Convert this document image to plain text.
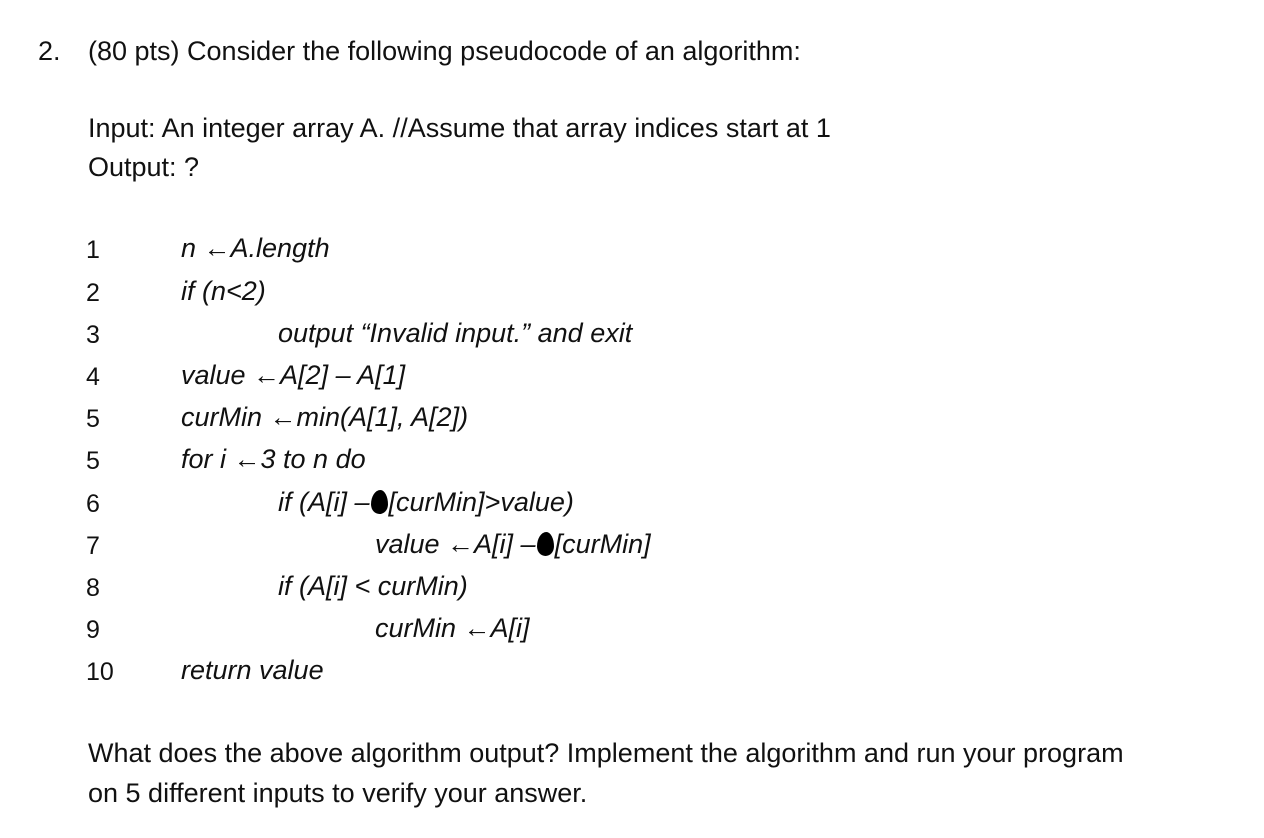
2. (80 pts) Consider the following pseudocode of an algorithm:
Input: An integer array A. //Assume that array indices start at 1
Output: ?
1
2
3
4
5
5
6
7
8
9
10
n ←A.length
if (n<2)
output “Invalid input.” and exit
value ←A[2] – A[1]
curMin ←min(A[1], A[2])
for i ←3 to n do
if (A[i] – [curMin]>value)
value ←A[i] – [curMin]
if (A[i] < curMin)
curMin ←A[i]
return value
What does the above algorithm output? Implement the algorithm and run your program
on 5 different inputs to verify your answer.
